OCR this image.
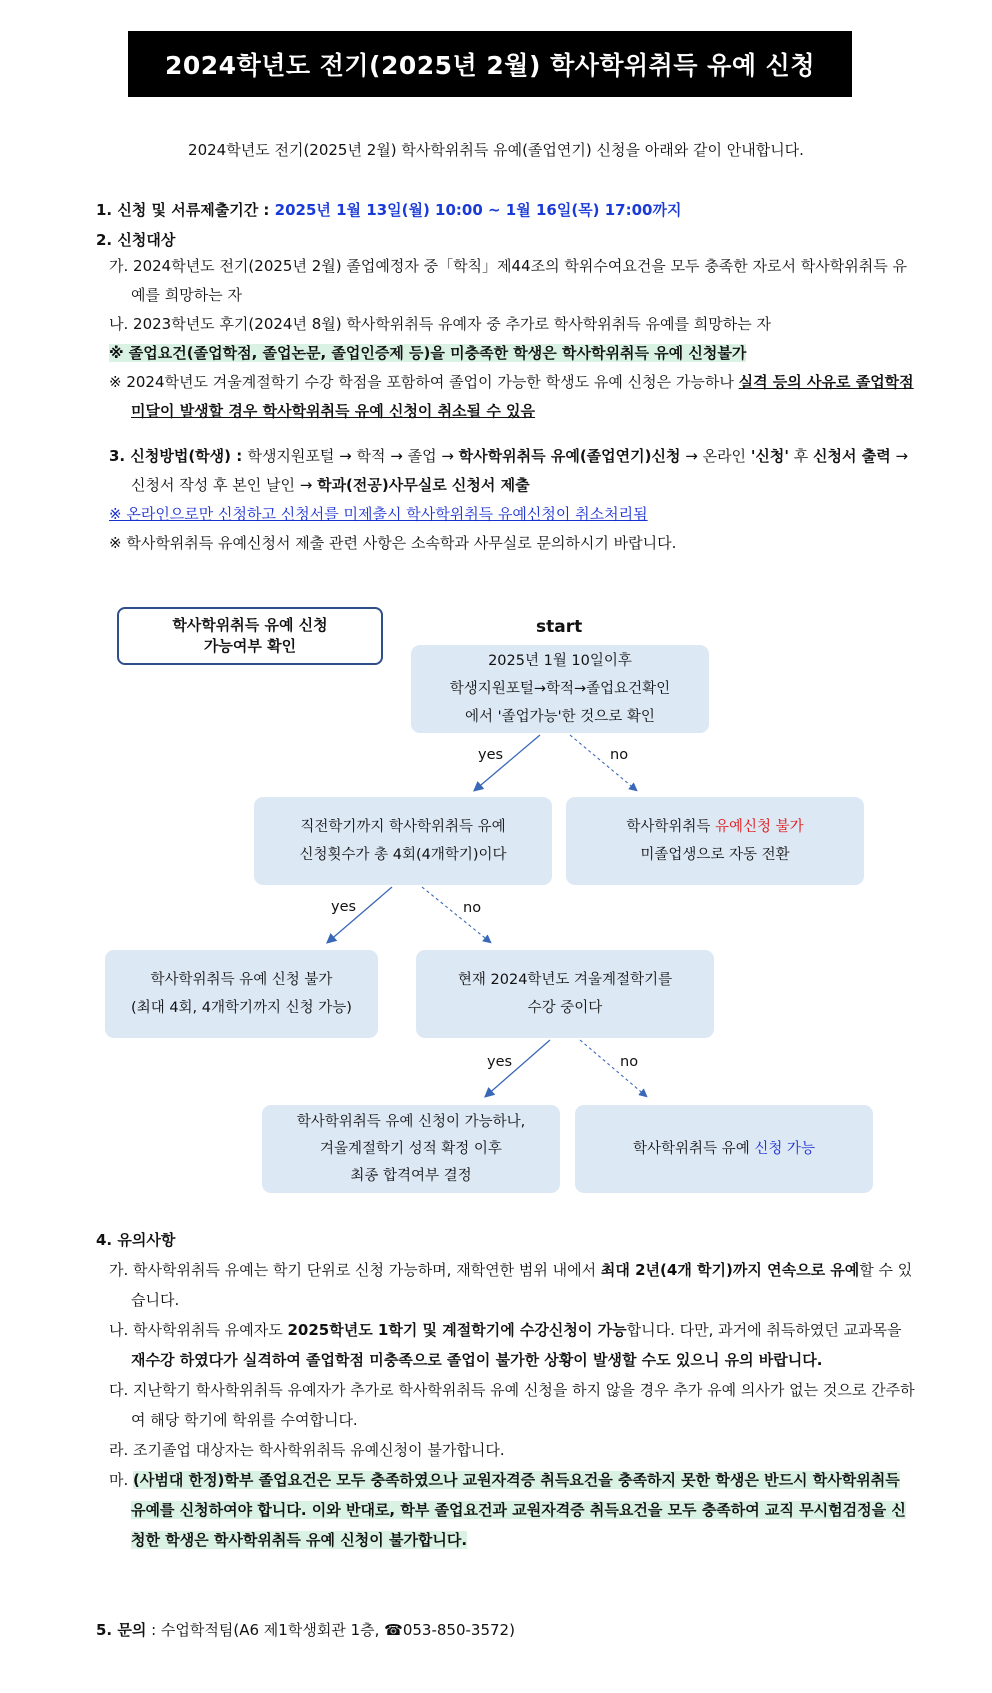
2024학년도 전기(2025년 2월) 학사학위취득 유예 신청
2024학년도 전기(2025년 2월) 학사학위취득 유예(졸업연기) 신청을 아래와 같이 안내합니다.
1. 신청 및 서류제출기간 : 2025년 1월 13일(월) 10:00 ~ 1월 16일(목) 17:00까지
2. 신청대상
가. 2024학년도 전기(2025년 2월) 졸업예정자 중「학칙」제44조의 학위수여요건을 모두 충족한 자로서 학사학위취득 유예를 희망하는 자
나. 2023학년도 후기(2024년 8월) 학사학위취득 유예자 중 추가로 학사학위취득 유예를 희망하는 자
※ 졸업요건(졸업학점, 졸업논문, 졸업인증제 등)을 미충족한 학생은 학사학위취득 유예 신청불가
※ 2024학년도 겨울계절학기 수강 학점을 포함하여 졸업이 가능한 학생도 유예 신청은 가능하나 실격 등의 사유로 졸업학점 미달이 발생할 경우 학사학위취득 유예 신청이 취소될 수 있음
3. 신청방법(학생) : 학생지원포털 → 학적 → 졸업 → 학사학위취득 유예(졸업연기)신청 → 온라인 '신청' 후 신청서 출력 → 신청서 작성 후 본인 날인 → 학과(전공)사무실로 신청서 제출
※ 온라인으로만 신청하고 신청서를 미제출시 학사학위취득 유예신청이 취소처리됨
※ 학사학위취득 유예신청서 제출 관련 사항은 소속학과 사무실로 문의하시기 바랍니다.
학사학위취득 유예 신청
가능여부 확인
start
2025년 1월 10일이후
학생지원포털→학적→졸업요건확인
에서 '졸업가능'한 것으로 확인
직전학기까지 학사학위취득 유예
신청횟수가 총 4회(4개학기)이다
학사학위취득 유예신청 불가
미졸업생으로 자동 전환
학사학위취득 유예 신청 불가
(최대 4회, 4개학기까지 신청 가능)
현재 2024학년도 겨울계절학기를
수강 중이다
학사학위취득 유예 신청이 가능하나,
겨울계절학기 성적 확정 이후
최종 합격여부 결정
학사학위취득 유예 신청 가능
yes	no
yes	no
yes	no
4. 유의사항
가. 학사학위취득 유예는 학기 단위로 신청 가능하며, 재학연한 범위 내에서 최대 2년(4개 학기)까지 연속으로 유예할 수 있습니다.
나. 학사학위취득 유예자도 2025학년도 1학기 및 계절학기에 수강신청이 가능합니다. 다만, 과거에 취득하였던 교과목을 재수강 하였다가 실격하여 졸업학점 미충족으로 졸업이 불가한 상황이 발생할 수도 있으니 유의 바랍니다.
다. 지난학기 학사학위취득 유예자가 추가로 학사학위취득 유예 신청을 하지 않을 경우 추가 유예 의사가 없는 것으로 간주하여 해당 학기에 학위를 수여합니다.
라. 조기졸업 대상자는 학사학위취득 유예신청이 불가합니다.
마. (사범대 한정)학부 졸업요건은 모두 충족하였으나 교원자격증 취득요건을 충족하지 못한 학생은 반드시 학사학위취득 유예를 신청하여야 합니다. 이와 반대로, 학부 졸업요건과 교원자격증 취득요건을 모두 충족하여 교직 무시험검정을 신청한 학생은 학사학위취득 유예 신청이 불가합니다.
5. 문의 : 수업학적팀(A6 제1학생회관 1층, ☎053-850-3572)
